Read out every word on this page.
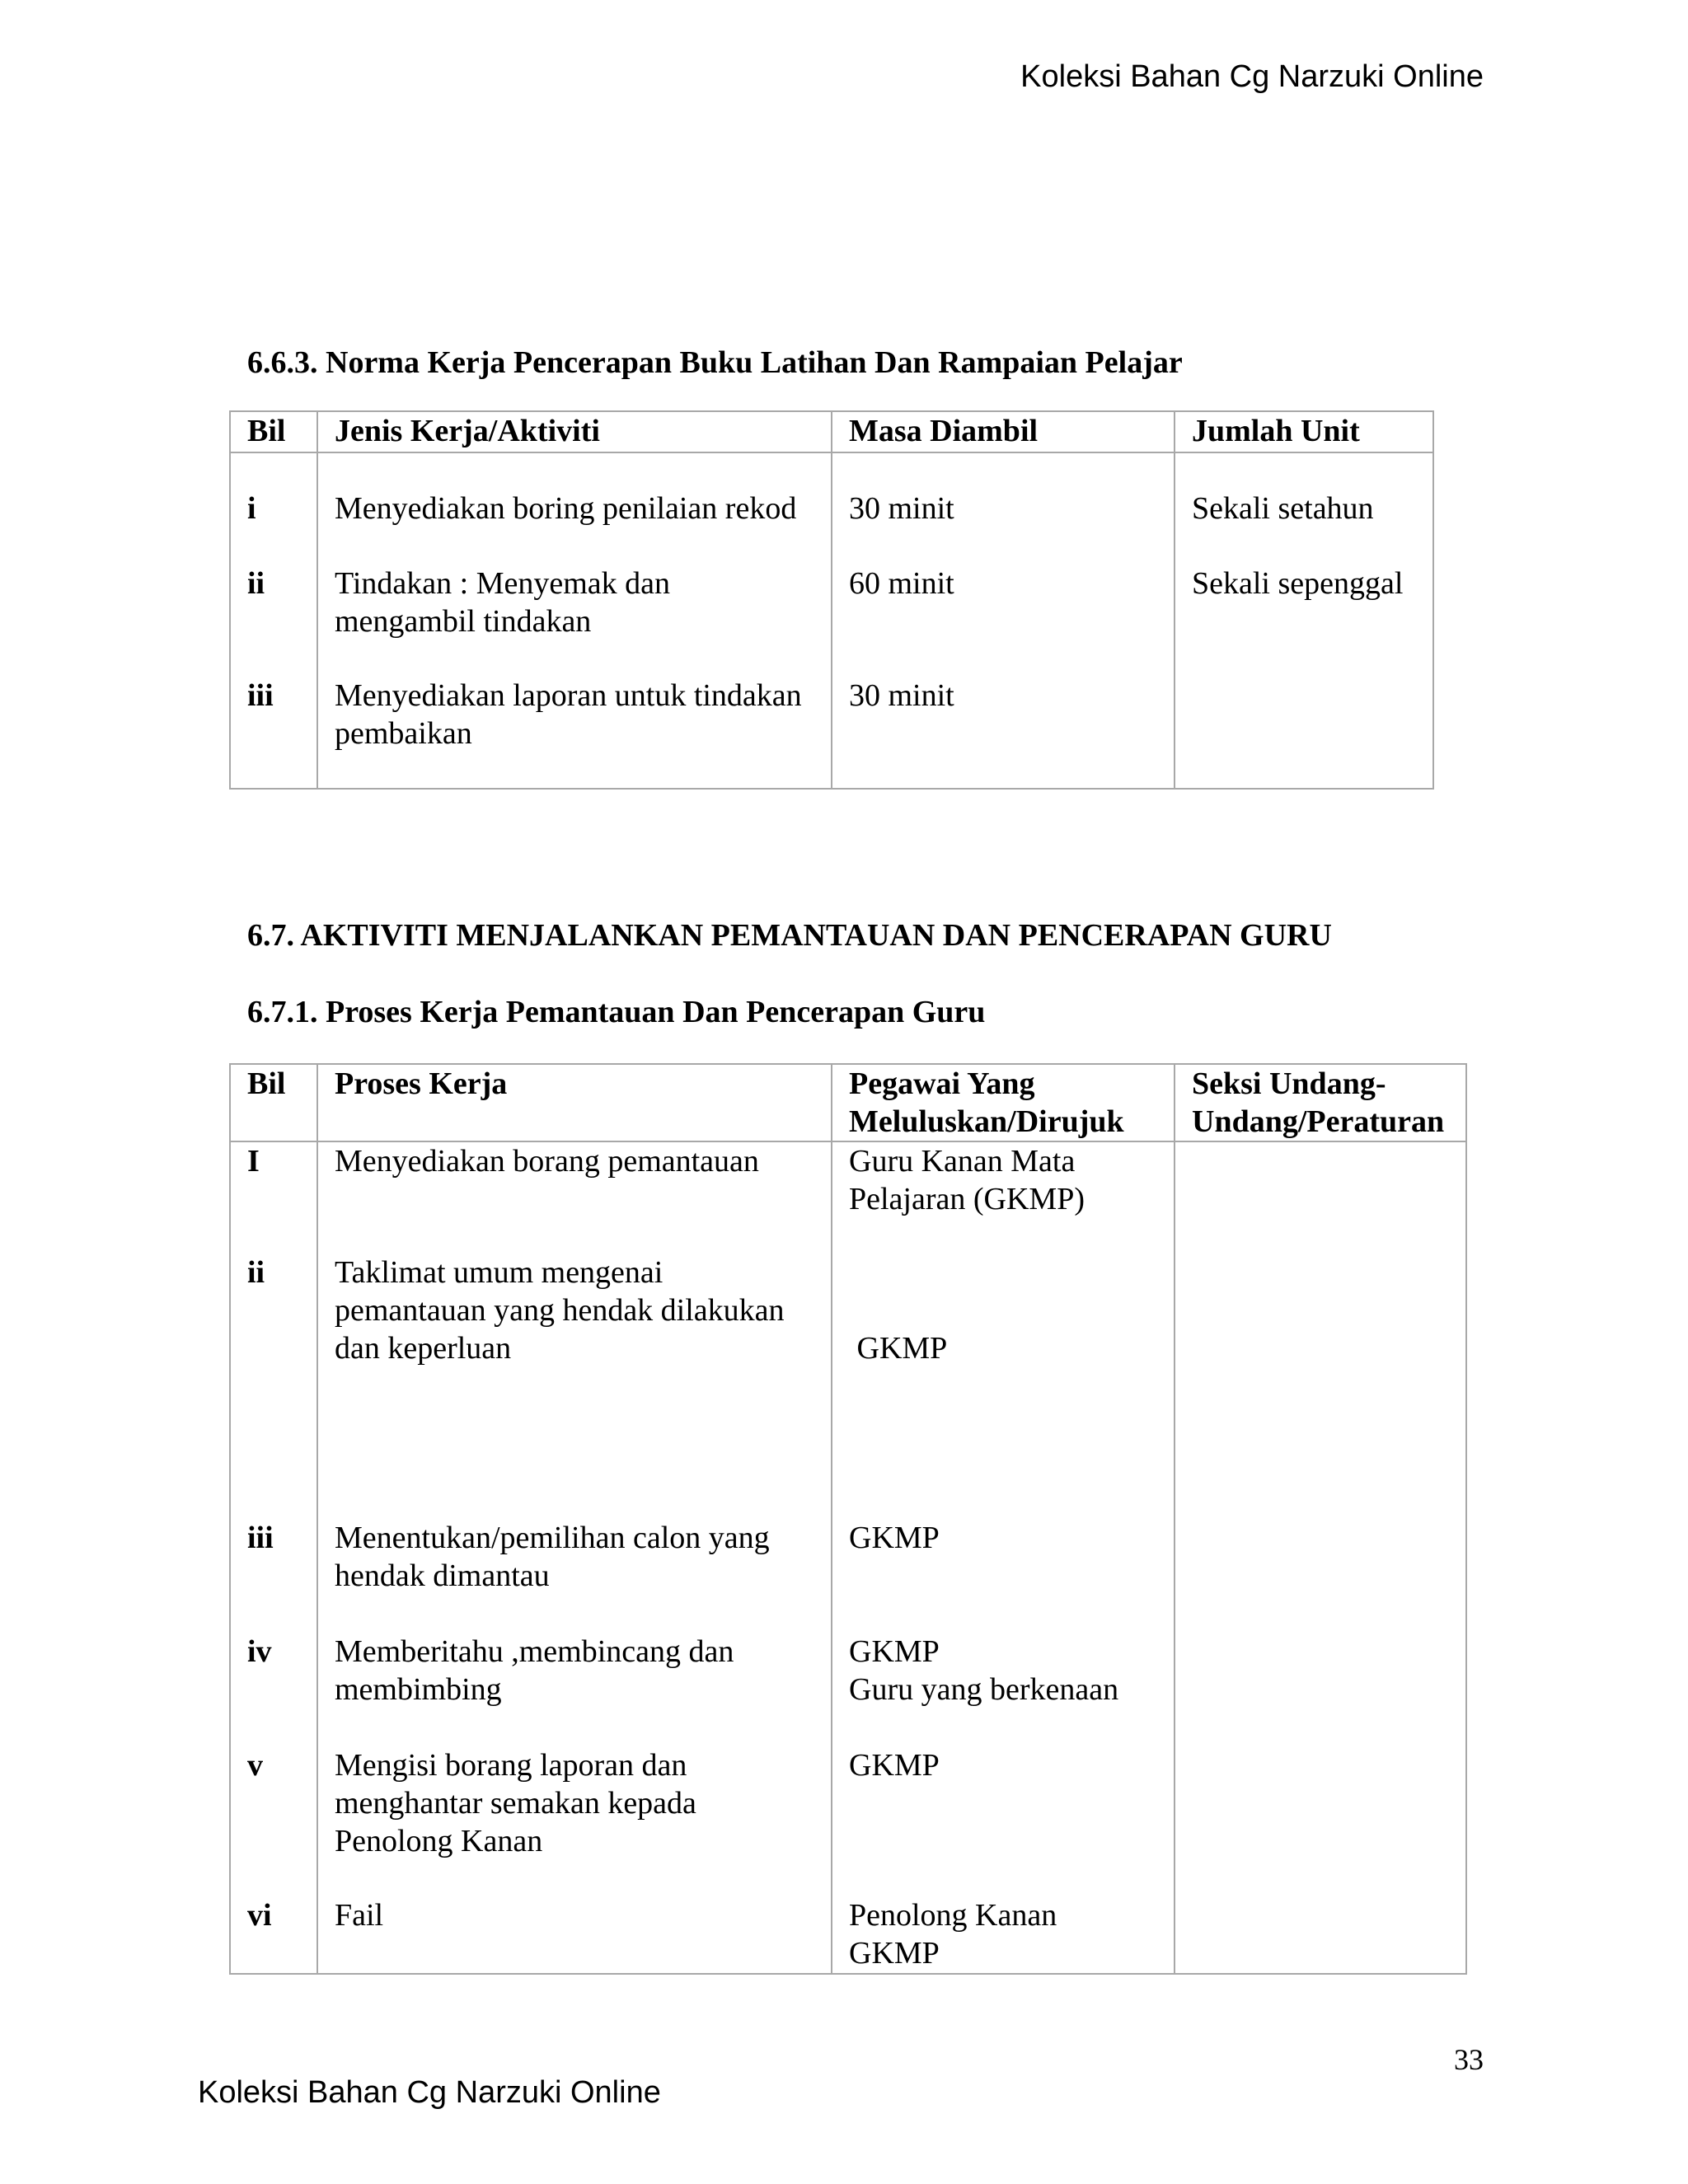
Koleksi Bahan Cg Narzuki Online
6.6.3. Norma Kerja Pencerapan Buku Latihan Dan Rampaian Pelajar
Bil	Jenis Kerja/Aktiviti	Masa Diambil	Jumlah Unit
i	Menyediakan boring penilaian rekod	30 minit	Sekali setahun
ii	Tindakan : Menyemak dan mengambil tindakan	60 minit	Sekali sepenggal
iii	Menyediakan laporan untuk tindakan pembaikan	30 minit	
6.7. AKTIVITI MENJALANKAN PEMANTAUAN DAN PENCERAPAN GURU
6.7.1. Proses Kerja Pemantauan Dan Pencerapan Guru
Bil	Proses Kerja	Pegawai Yang Meluluskan/Dirujuk	Seksi Undang-Undang/Peraturan
I	Menyediakan borang pemantauan	Guru Kanan Mata Pelajaran (GKMP)	

ii	Taklimat umum mengenai pemantauan yang hendak dilakukan dan keperluan	GKMP	

iii	Menentukan/pemilihan calon yang hendak dimantau	GKMP	

iv	Memberitahu ,membincang dan membimbing	GKMP
Guru yang berkenaan	

v	Mengisi borang laporan dan menghantar semakan kepada Penolong Kanan	GKMP	

vi	Fail	Penolong Kanan
GKMP	

33
Koleksi Bahan Cg Narzuki Online
